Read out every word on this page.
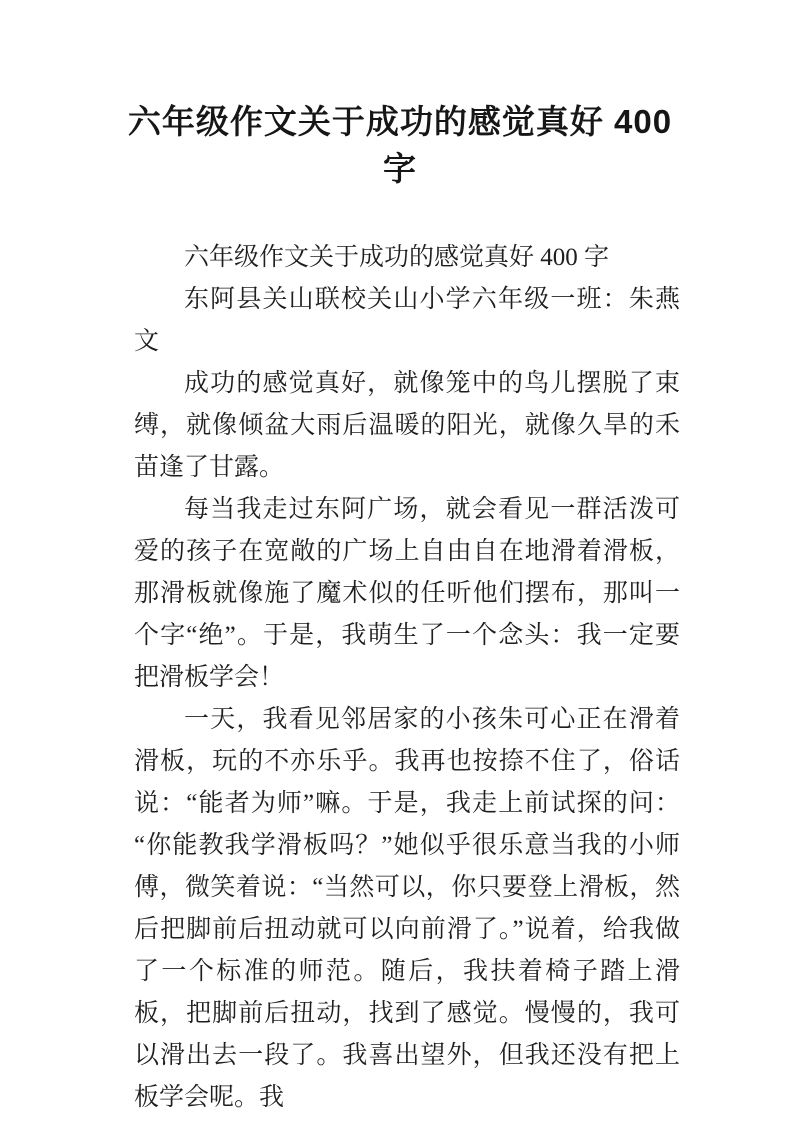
六年级作文关于成功的感觉真好 400
字

六年级作文关于成功的感觉真好 400 字

东阿县关山联校关山小学六年级一班：朱燕文

成功的感觉真好，就像笼中的鸟儿摆脱了束缚，就像倾盆大雨后温暖的阳光，就像久旱的禾苗逢了甘露。

每当我走过东阿广场，就会看见一群活泼可爱的孩子在宽敞的广场上自由自在地滑着滑板，那滑板就像施了魔术似的任听他们摆布，那叫一个字“绝”。于是，我萌生了一个念头：我一定要把滑板学会！

一天，我看见邻居家的小孩朱可心正在滑着滑板，玩的不亦乐乎。我再也按捺不住了，俗话说：“能者为师”嘛。于是，我走上前试探的问：“你能教我学滑板吗？”她似乎很乐意当我的小师傅，微笑着说：“当然可以，你只要登上滑板，然后把脚前后扭动就可以向前滑了。”说着，给我做了一个标准的师范。随后，我扶着椅子踏上滑板，把脚前后扭动，找到了感觉。慢慢的，我可以滑出去一段了。我喜出望外，但我还没有把上板学会呢。我
